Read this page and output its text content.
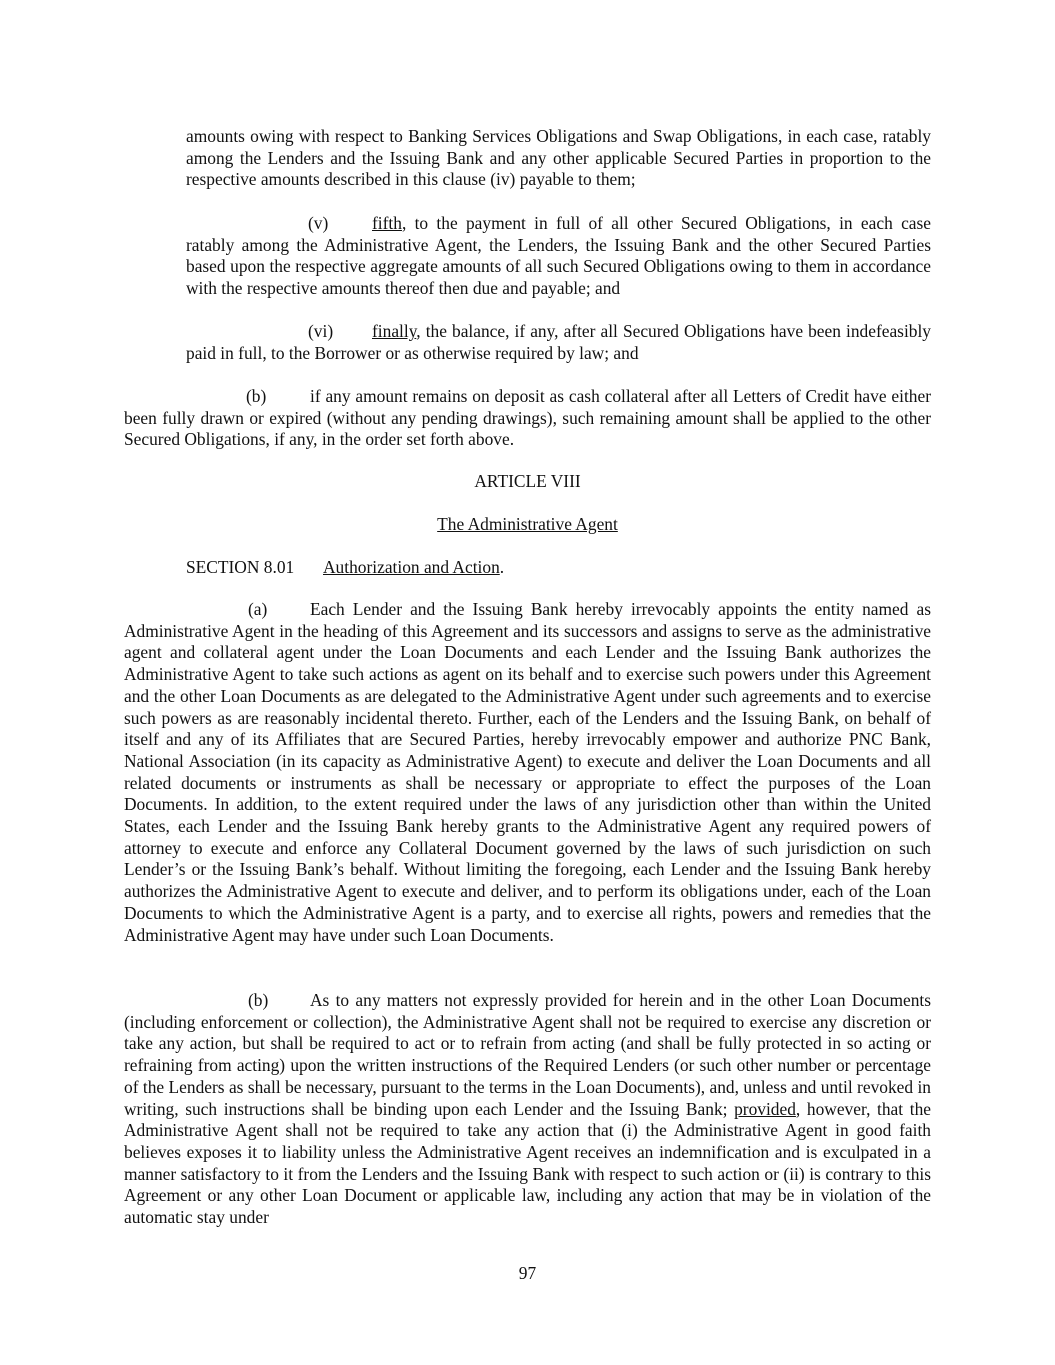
amounts owing with respect to Banking Services Obligations and Swap Obligations, in each case, ratably among the Lenders and the Issuing Bank and any other applicable Secured Parties in proportion to the respective amounts described in this clause (iv) payable to them;

(v)	fifth, to the payment in full of all other Secured Obligations, in each case ratably among the Administrative Agent, the Lenders, the Issuing Bank and the other Secured Parties based upon the respective aggregate amounts of all such Secured Obligations owing to them in accordance with the respective amounts thereof then due and payable; and

(vi) finally, the balance, if any, after all Secured Obligations have been indefeasibly paid in full, to the Borrower or as otherwise required by law; and

(b)	if any amount remains on deposit as cash collateral after all Letters of Credit have either been fully drawn or expired (without any pending drawings), such remaining amount shall be applied to the other Secured Obligations, if any, in the order set forth above.

ARTICLE VIII

The Administrative Agent

SECTION 8.01 Authorization and Action.

(a) Each Lender and the Issuing Bank hereby irrevocably appoints the entity named as Administrative Agent in the heading of this Agreement and its successors and assigns to serve as the administrative agent and collateral agent under the Loan Documents and each Lender and the Issuing Bank authorizes the Administrative Agent to take such actions as agent on its behalf and to exercise such powers under this Agreement and the other Loan Documents as are delegated to the Administrative Agent under such agreements and to exercise such powers as are reasonably incidental thereto. Further, each of the Lenders and the Issuing Bank, on behalf of itself and any of its Affiliates that are Secured Parties, hereby irrevocably empower and authorize PNC Bank, National Association (in its capacity as Administrative Agent) to execute and deliver the Loan Documents and all related documents or instruments as shall be necessary or appropriate to effect the purposes of the Loan Documents. In addition, to the extent required under the laws of any jurisdiction other than within the United States, each Lender and the Issuing Bank hereby grants to the Administrative Agent any required powers of attorney to execute and enforce any Collateral Document governed by the laws of such jurisdiction on such Lender’s or the Issuing Bank’s behalf. Without limiting the foregoing, each Lender and the Issuing Bank hereby authorizes the Administrative Agent to execute and deliver, and to perform its obligations under, each of the Loan Documents to which the Administrative Agent is a party, and to exercise all rights, powers and remedies that the Administrative Agent may have under such Loan Documents.

(b) As to any matters not expressly provided for herein and in the other Loan Documents (including enforcement or collection), the Administrative Agent shall not be required to exercise any discretion or take any action, but shall be required to act or to refrain from acting (and shall be fully protected in so acting or refraining from acting) upon the written instructions of the Required Lenders (or such other number or percentage of the Lenders as shall be necessary, pursuant to the terms in the Loan Documents), and, unless and until revoked in writing, such instructions shall be binding upon each Lender and the Issuing Bank; provided, however, that the Administrative Agent shall not be required to take any action that (i) the Administrative Agent in good faith believes exposes it to liability unless the Administrative Agent receives an indemnification and is exculpated in a manner satisfactory to it from the Lenders and the Issuing Bank with respect to such action or (ii) is contrary to this Agreement or any other Loan Document or applicable law, including any action that may be in violation of the automatic stay under

97
